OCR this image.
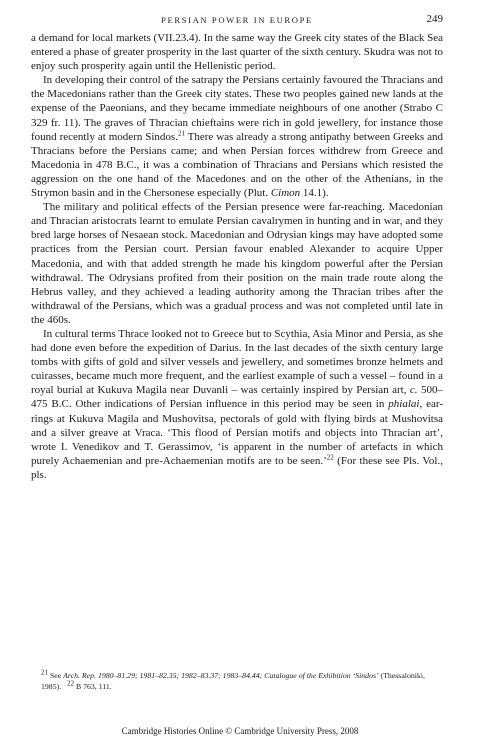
PERSIAN POWER IN EUROPE	249

a demand for local markets (VII.23.4). In the same way the Greek city states of the Black Sea entered a phase of greater prosperity in the last quarter of the sixth century. Skudra was not to enjoy such prosperity again until the Hellenistic period.

In developing their control of the satrapy the Persians certainly favoured the Thracians and the Macedonians rather than the Greek city states. These two peoples gained new lands at the expense of the Paeonians, and they became immediate neighbours of one another (Strabo C 329 fr. 11). The graves of Thracian chieftains were rich in gold jewellery, for instance those found recently at modern Sindos.$^{21}$ There was already a strong antipathy between Greeks and Thracians before the Persians came; and when Persian forces withdrew from Greece and Macedonia in 478 B.C., it was a combination of Thracians and Persians which resisted the aggression on the one hand of the Macedones and on the other of the Athenians, in the Strymon basin and in the Chersonese especially (Plut. Cimon 14.1).

The military and political effects of the Persian presence were far-reaching. Macedonian and Thracian aristocrats learnt to emulate Persian cavalrymen in hunting and in war, and they bred large horses of Nesaean stock. Macedonian and Odrysian kings may have adopted some practices from the Persian court. Persian favour enabled Alexander to acquire Upper Macedonia, and with that added strength he made his kingdom powerful after the Persian withdrawal. The Odrysians profited from their position on the main trade route along the Hebrus valley, and they achieved a leading authority among the Thracian tribes after the withdrawal of the Persians, which was a gradual process and was not completed until late in the 460s.

In cultural terms Thrace looked not to Greece but to Scythia, Asia Minor and Persia, as she had done even before the expedition of Darius. In the last decades of the sixth century large tombs with gifts of gold and silver vessels and jewellery, and sometimes bronze helmets and cuirasses, became much more frequent, and the earliest example of such a vessel – found in a royal burial at Kukuva Magila near Duvanli – was certainly inspired by Persian art, c. 500–475 B.C. Other indications of Persian influence in this period may be seen in phialai, ear-rings at Kukuva Magila and Mushovitsa, pectorals of gold with flying birds at Mushovitsa and a silver greave at Vraca. ‘This flood of Persian motifs and objects into Thracian art’, wrote I. Venedikov and T. Gerassimov, ‘is apparent in the number of artefacts in which purely Achaemenian and pre-Achaemenian motifs are to be seen.’$^{22}$ (For these see Pls. Vol., pls.

$^{21}$ See Arch. Rep. 1980–81.29; 1981–82.35; 1982–83.37; 1983–84.44; Catalogue of the Exhibition ‘Sindos’ (Thessaloniki, 1985). $^{22}$ B 763, 111.

Cambridge Histories Online © Cambridge University Press, 2008
